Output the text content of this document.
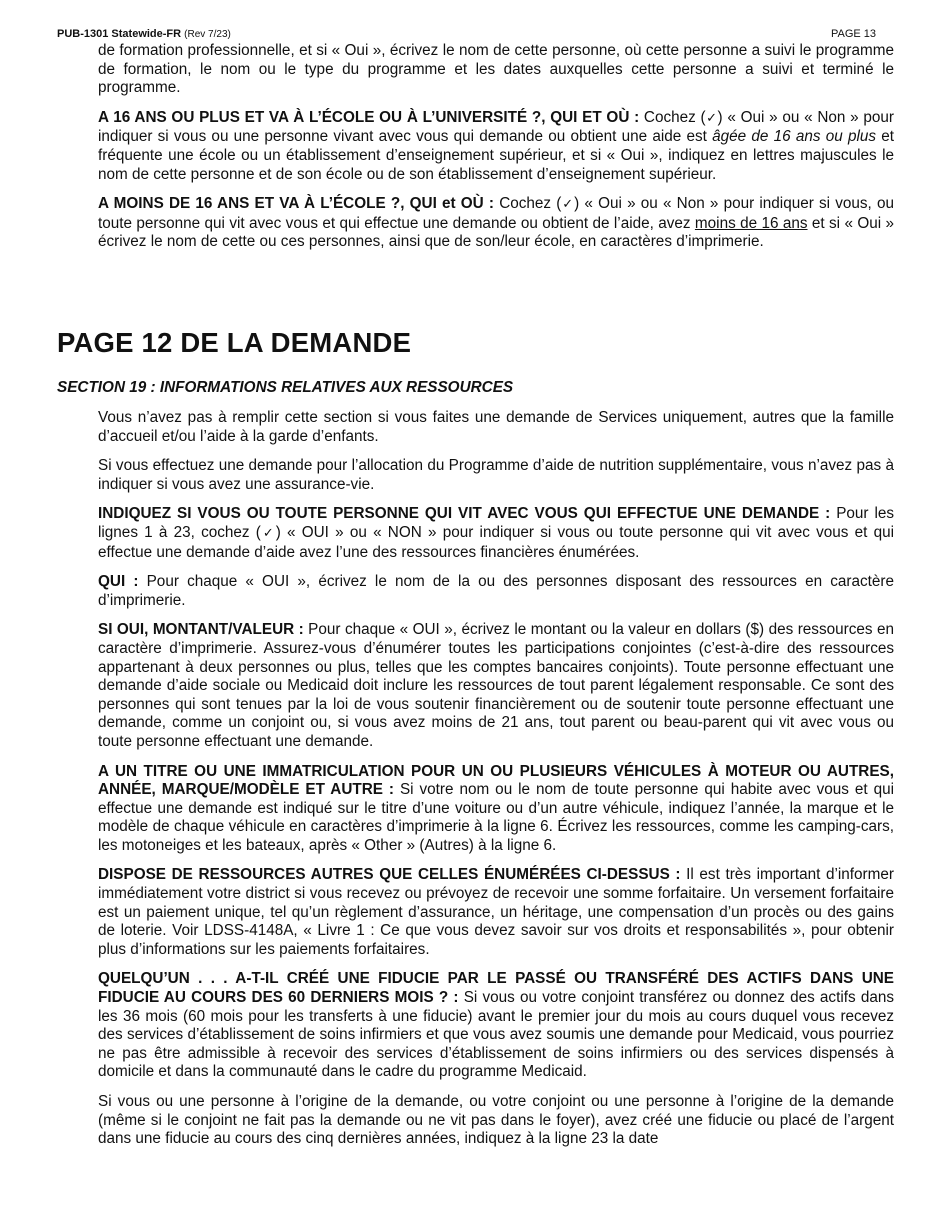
PUB-1301 Statewide-FR (Rev 7/23)	PAGE 13

de formation professionnelle, et si « Oui », écrivez le nom de cette personne, où cette personne a suivi le programme de formation, le nom ou le type du programme et les dates auxquelles cette personne a suivi et terminé le programme.

A 16 ANS OU PLUS ET VA À L’ÉCOLE OU À L’UNIVERSITÉ ?, QUI ET OÙ : Cochez (✓) « Oui » ou « Non » pour indiquer si vous ou une personne vivant avec vous qui demande ou obtient une aide est âgée de 16 ans ou plus et fréquente une école ou un établissement d’enseignement supérieur, et si « Oui », indiquez en lettres majuscules le nom de cette personne et de son école ou de son établissement d’enseignement supérieur.

A MOINS DE 16 ANS ET VA À L’ÉCOLE ?, QUI et OÙ : Cochez (✓) « Oui » ou « Non » pour indiquer si vous, ou toute personne qui vit avec vous et qui effectue une demande ou obtient de l’aide, avez moins de 16 ans et si « Oui » écrivez le nom de cette ou ces personnes, ainsi que de son/leur école, en caractères d’imprimerie.

PAGE 12 DE LA DEMANDE
SECTION 19 : INFORMATIONS RELATIVES AUX RESSOURCES

Vous n’avez pas à remplir cette section si vous faites une demande de Services uniquement, autres que la famille d’accueil et/ou l’aide à la garde d’enfants.

Si vous effectuez une demande pour l’allocation du Programme d’aide de nutrition supplémentaire, vous n’avez pas à indiquer si vous avez une assurance-vie.

INDIQUEZ SI VOUS OU TOUTE PERSONNE QUI VIT AVEC VOUS QUI EFFECTUE UNE DEMANDE : Pour les lignes 1 à 23, cochez (✓) « OUI » ou « NON » pour indiquer si vous ou toute personne qui vit avec vous et qui effectue une demande d’aide avez l’une des ressources financières énumérées.

QUI : Pour chaque « OUI », écrivez le nom de la ou des personnes disposant des ressources en caractère d’imprimerie.

SI OUI, MONTANT/VALEUR : Pour chaque « OUI », écrivez le montant ou la valeur en dollars ($) des ressources en caractère d’imprimerie. Assurez-vous d’énumérer toutes les participations conjointes (c’est-à-dire des ressources appartenant à deux personnes ou plus, telles que les comptes bancaires conjoints). Toute personne effectuant une demande d’aide sociale ou Medicaid doit inclure les ressources de tout parent légalement responsable. Ce sont des personnes qui sont tenues par la loi de vous soutenir financièrement ou de soutenir toute personne effectuant une demande, comme un conjoint ou, si vous avez moins de 21 ans, tout parent ou beau-parent qui vit avec vous ou toute personne effectuant une demande.

A UN TITRE OU UNE IMMATRICULATION POUR UN OU PLUSIEURS VÉHICULES À MOTEUR OU AUTRES, ANNÉE, MARQUE/MODÈLE ET AUTRE : Si votre nom ou le nom de toute personne qui habite avec vous et qui effectue une demande est indiqué sur le titre d’une voiture ou d’un autre véhicule, indiquez l’année, la marque et le modèle de chaque véhicule en caractères d’imprimerie à la ligne 6. Écrivez les ressources, comme les camping-cars, les motoneiges et les bateaux, après « Other » (Autres) à la ligne 6.

DISPOSE DE RESSOURCES AUTRES QUE CELLES ÉNUMÉRÉES CI-DESSUS : Il est très important d’informer immédiatement votre district si vous recevez ou prévoyez de recevoir une somme forfaitaire. Un versement forfaitaire est un paiement unique, tel qu’un règlement d’assurance, un héritage, une compensation d’un procès ou des gains de loterie. Voir LDSS-4148A, « Livre 1 : Ce que vous devez savoir sur vos droits et responsabilités », pour obtenir plus d’informations sur les paiements forfaitaires.

QUELQU’UN . . . A-T-IL CRÉÉ UNE FIDUCIE PAR LE PASSÉ OU TRANSFÉRÉ DES ACTIFS DANS UNE FIDUCIE AU COURS DES 60 DERNIERS MOIS ? : Si vous ou votre conjoint transférez ou donnez des actifs dans les 36 mois (60 mois pour les transferts à une fiducie) avant le premier jour du mois au cours duquel vous recevez des services d’établissement de soins infirmiers et que vous avez soumis une demande pour Medicaid, vous pourriez ne pas être admissible à recevoir des services d’établissement de soins infirmiers ou des services dispensés à domicile et dans la communauté dans le cadre du programme Medicaid.

Si vous ou une personne à l’origine de la demande, ou votre conjoint ou une personne à l’origine de la demande (même si le conjoint ne fait pas la demande ou ne vit pas dans le foyer), avez créé une fiducie ou placé de l’argent dans une fiducie au cours des cinq dernières années, indiquez à la ligne 23 la date
